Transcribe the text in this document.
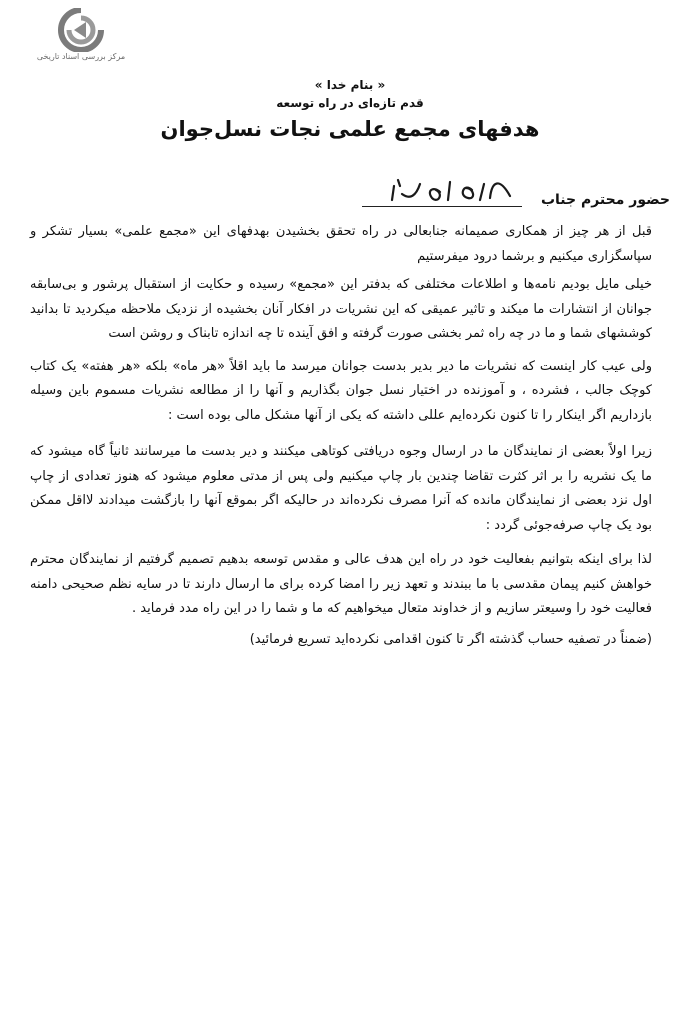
مرکز بررسی اسناد تاریخی
« بنام خدا »
قدم تازه‌ای در راه توسعه
هدفهای مجمع علمی نجات نسل‌جوان
حضور محترم جناب
قبل از هر چیز از همکاری صمیمانه جنابعالی در راه تحقق بخشیدن بهدفهای این «مجمع علمی» بسیار تشکر و سپاسگزاری میکنیم و برشما درود میفرستیم
خیلی مایل بودیم نامه‌ها و اطلاعات مختلفی که بدفتر این «مجمع» رسیده و حکایت از استقبال پرشور و بی‌سابقه جوانان از انتشارات ما میکند و تاثیر عمیقی که این نشریات در افکار آنان بخشیده از نزدیک ملاحظه میکردید تا بدانید کوششهای شما و ما در چه راه ثمر بخشی صورت گرفته و افق آینده تا چه اندازه تابناک و روشن است
ولی عیب کار اینست که نشریات ما دیر بدیر بدست جوانان میرسد ما باید اقلاً «هر ماه» بلکه «هر هفته» یک کتاب کوچک جالب ، فشرده ، و آموزنده در اختیار نسل جوان بگذاریم و آنها را از مطالعه نشریات مسموم باین وسیله بازداریم اگر اینکار را تا کنون نکرده‌ایم عللی داشته که یکی از آنها مشکل مالی بوده است :
زیرا اولاً بعضی از نمایندگان ما در ارسال وجوه دریافتی کوتاهی میکنند و دیر بدست ما میرسانند ثانیاً گاه میشود که ما یک نشریه را بر اثر کثرت تقاضا چندین بار چاپ میکنیم ولی پس از مدتی معلوم میشود که هنوز تعدادی از چاپ اول نزد بعضی از نمایندگان مانده که آنرا مصرف نکرده‌اند در حالیکه اگر بموقع آنها را بازگشت میدادند لااقل ممکن بود یک چاپ صرفه‌جوئی گردد :
لذا برای اینکه بتوانیم بفعالیت خود در راه این هدف عالی و مقدس توسعه بدهیم تصمیم گرفتیم از نمایندگان محترم خواهش کنیم پیمان مقدسی با ما ببندند و تعهد زیر را امضا کرده برای ما ارسال دارند تا در سایه نظم صحیحی دامنه فعالیت خود را وسیعتر سازیم و از خداوند متعال میخواهیم که ما و شما را در این راه مدد فرماید .
(ضمناً در تصفیه حساب گذشته اگر تا کنون اقدامی نکرده‌اید تسریع فرمائید)
